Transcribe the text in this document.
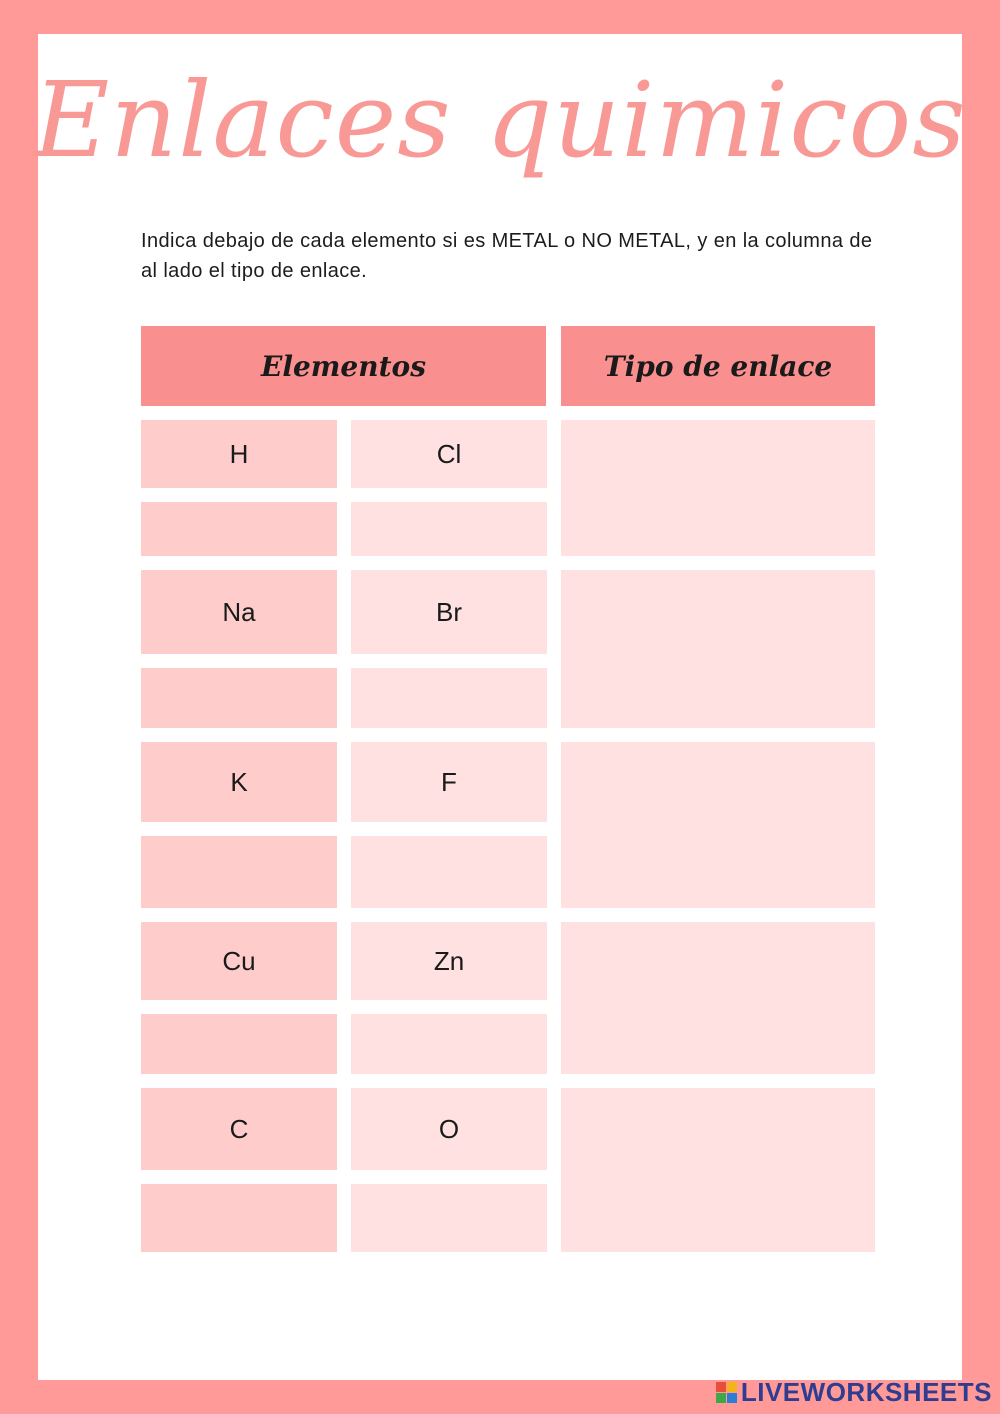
Enlaces quimicos
Indica debajo de cada elemento si es METAL o NO METAL, y en la columna de al lado el tipo de enlace.
Elementos	Tipo de enlace
H	Cl
Na	Br
K	F
Cu	Zn
C	O
LIVEWORKSHEETS
